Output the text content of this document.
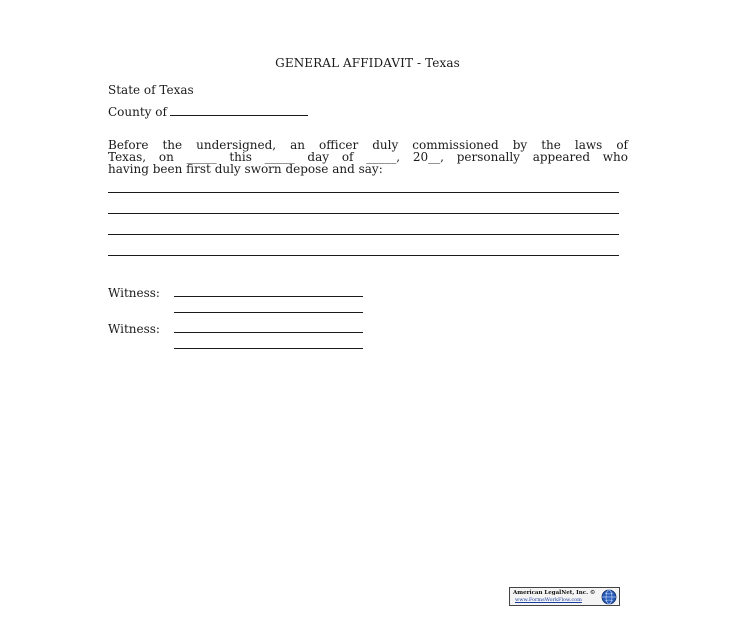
GENERAL AFFIDAVIT - Texas
State of Texas
County of
Before the undersigned, an officer duly commissioned by the laws of
Texas, on _____ this _____ day of _____, 20__, personally appeared who
having been first duly sworn depose and say:
Witness:
Witness:
American LegalNet, Inc. ©
www.FormsWorkFlow.com
